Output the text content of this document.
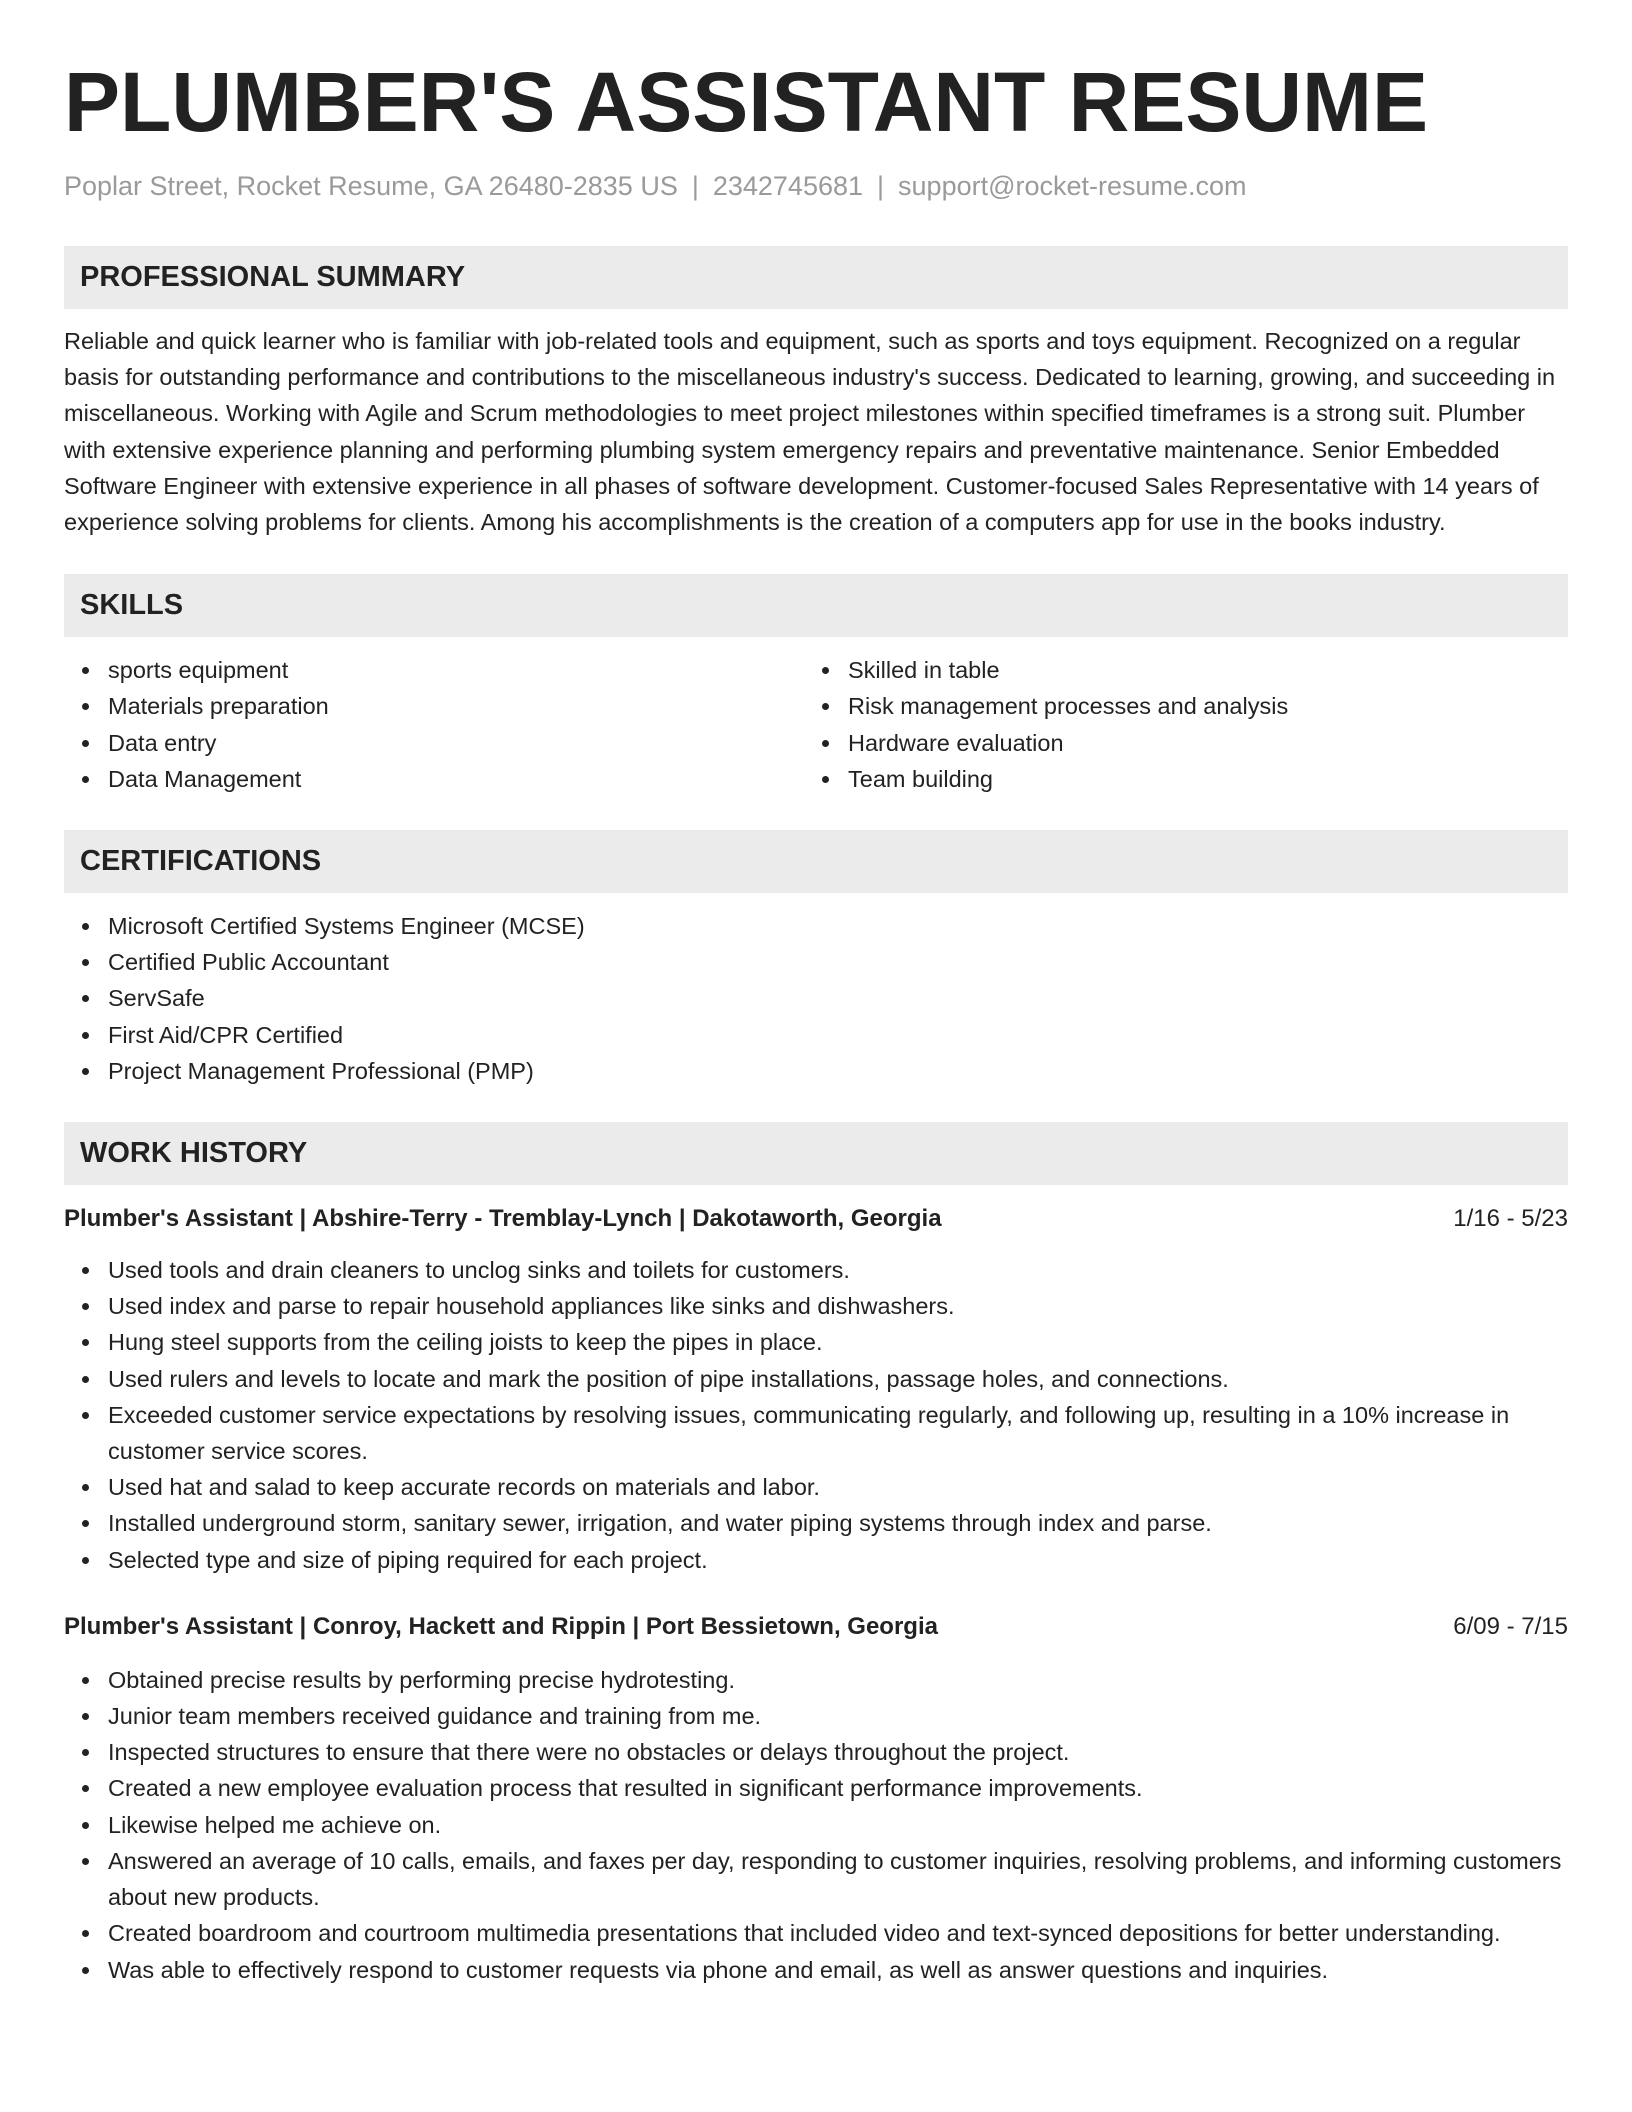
PLUMBER'S ASSISTANT RESUME
Poplar Street, Rocket Resume, GA 26480-2835 US | 2342745681 | support@rocket-resume.com
PROFESSIONAL SUMMARY

Reliable and quick learner who is familiar with job-related tools and equipment, such as sports and toys equipment. Recognized on a regular basis for outstanding performance and contributions to the miscellaneous industry's success. Dedicated to learning, growing, and succeeding in miscellaneous. Working with Agile and Scrum methodologies to meet project milestones within specified timeframes is a strong suit. Plumber with extensive experience planning and performing plumbing system emergency repairs and preventative maintenance. Senior Embedded Software Engineer with extensive experience in all phases of software development. Customer-focused Sales Representative with 14 years of experience solving problems for clients. Among his accomplishments is the creation of a computers app for use in the books industry.

SKILLS
sports equipment
Materials preparation
Data entry
Data Management
Skilled in table
Risk management processes and analysis
Hardware evaluation
Team building
CERTIFICATIONS
Microsoft Certified Systems Engineer (MCSE)
Certified Public Accountant
ServSafe
First Aid/CPR Certified
Project Management Professional (PMP)
WORK HISTORY
Plumber's Assistant | Abshire-Terry - Tremblay-Lynch | Dakotaworth, Georgia	1/16 - 5/23
Used tools and drain cleaners to unclog sinks and toilets for customers.
Used index and parse to repair household appliances like sinks and dishwashers.
Hung steel supports from the ceiling joists to keep the pipes in place.
Used rulers and levels to locate and mark the position of pipe installations, passage holes, and connections.
Exceeded customer service expectations by resolving issues, communicating regularly, and following up, resulting in a 10% increase in customer service scores.
Used hat and salad to keep accurate records on materials and labor.
Installed underground storm, sanitary sewer, irrigation, and water piping systems through index and parse.
Selected type and size of piping required for each project.
Plumber's Assistant | Conroy, Hackett and Rippin | Port Bessietown, Georgia	6/09 - 7/15
Obtained precise results by performing precise hydrotesting.
Junior team members received guidance and training from me.
Inspected structures to ensure that there were no obstacles or delays throughout the project.
Created a new employee evaluation process that resulted in significant performance improvements.
Likewise helped me achieve on.
Answered an average of 10 calls, emails, and faxes per day, responding to customer inquiries, resolving problems, and informing customers about new products.
Created boardroom and courtroom multimedia presentations that included video and text-synced depositions for better understanding.
Was able to effectively respond to customer requests via phone and email, as well as answer questions and inquiries.
